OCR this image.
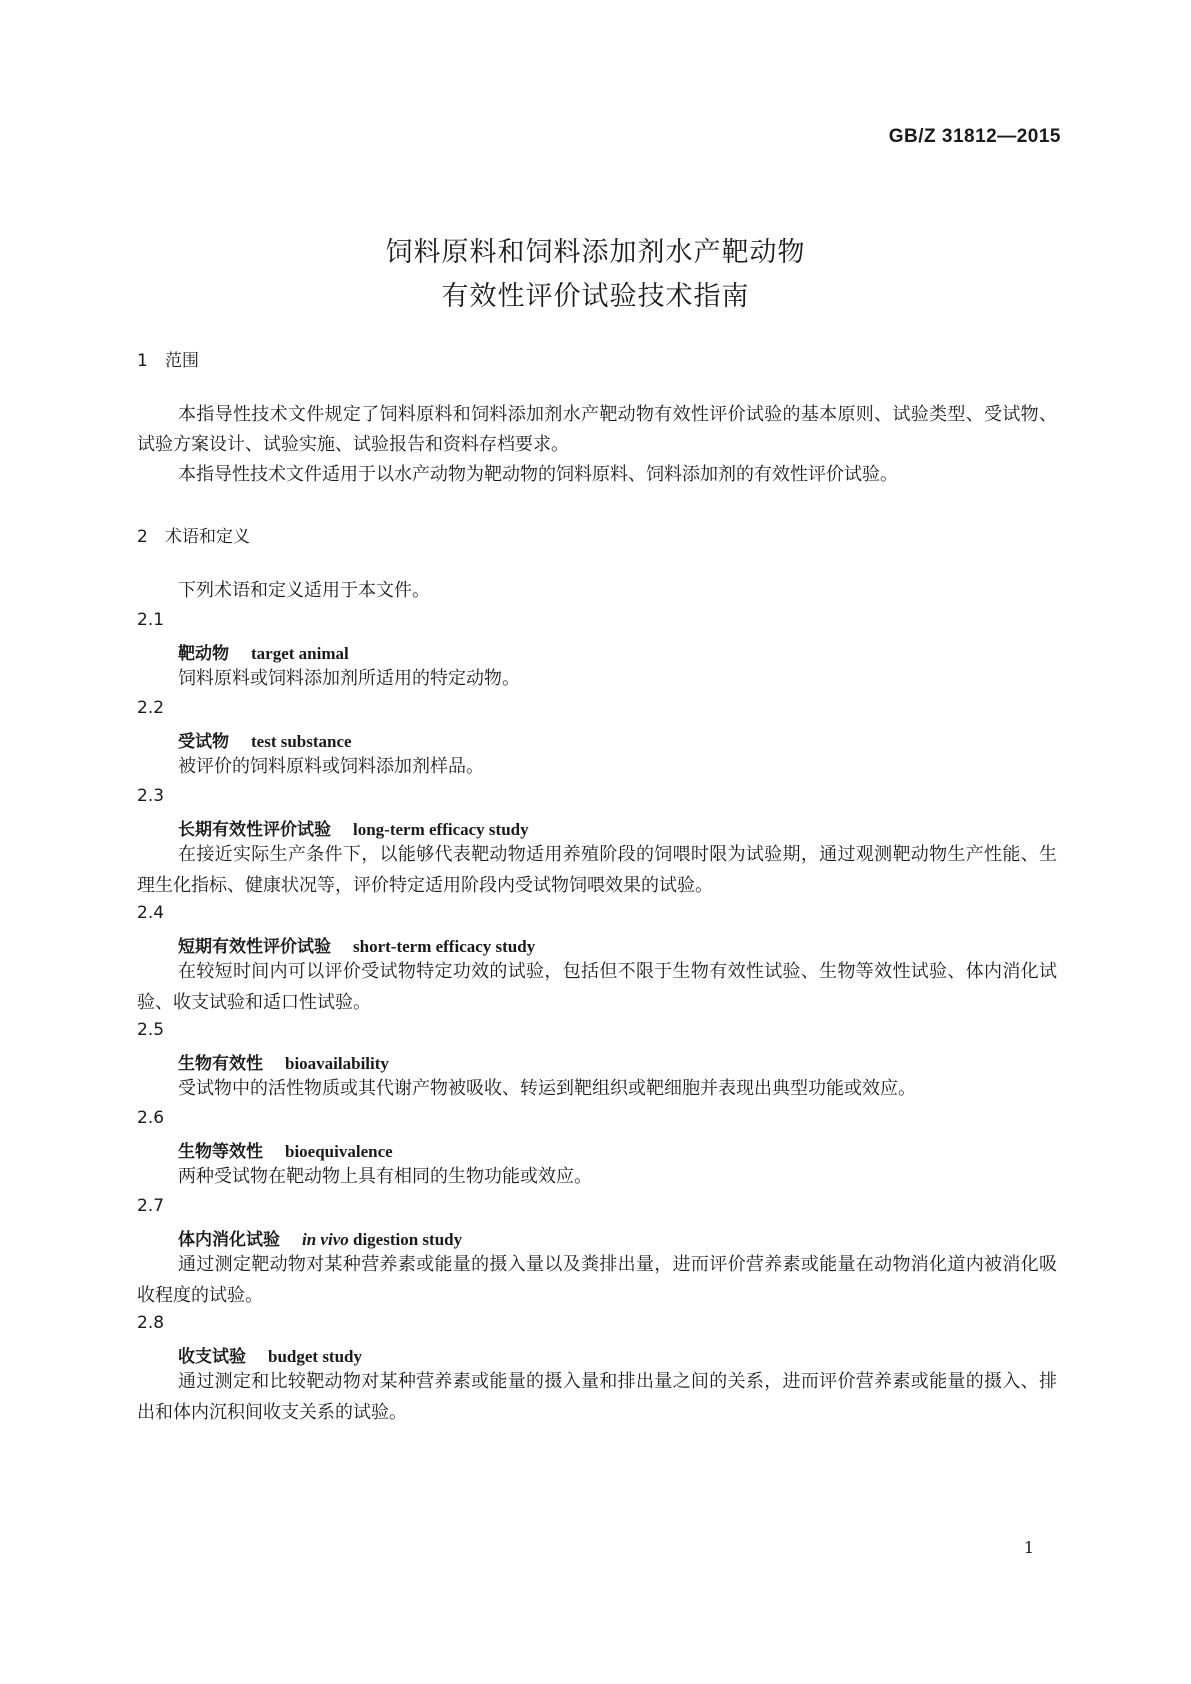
GB/Z 31812—2015
饲料原料和饲料添加剂水产靶动物
有效性评价试验技术指南
1 范围
本指导性技术文件规定了饲料原料和饲料添加剂水产靶动物有效性评价试验的基本原则、试验类型、受试物、试验方案设计、试验实施、试验报告和资料存档要求。
本指导性技术文件适用于以水产动物为靶动物的饲料原料、饲料添加剂的有效性评价试验。
2 术语和定义
下列术语和定义适用于本文件。
2.1
靶动物 target animal
饲料原料或饲料添加剂所适用的特定动物。
2.2
受试物 test substance
被评价的饲料原料或饲料添加剂样品。
2.3
长期有效性评价试验 long-term efficacy study
在接近实际生产条件下，以能够代表靶动物适用养殖阶段的饲喂时限为试验期，通过观测靶动物生产性能、生理生化指标、健康状况等，评价特定适用阶段内受试物饲喂效果的试验。
2.4
短期有效性评价试验 short-term efficacy study
在较短时间内可以评价受试物特定功效的试验，包括但不限于生物有效性试验、生物等效性试验、体内消化试验、收支试验和适口性试验。
2.5
生物有效性 bioavailability
受试物中的活性物质或其代谢产物被吸收、转运到靶组织或靶细胞并表现出典型功能或效应。
2.6
生物等效性 bioequivalence
两种受试物在靶动物上具有相同的生物功能或效应。
2.7
体内消化试验 in vivo digestion study
通过测定靶动物对某种营养素或能量的摄入量以及粪排出量，进而评价营养素或能量在动物消化道内被消化吸收程度的试验。
2.8
收支试验 budget study
通过测定和比较靶动物对某种营养素或能量的摄入量和排出量之间的关系，进而评价营养素或能量的摄入、排出和体内沉积间收支关系的试验。
1
